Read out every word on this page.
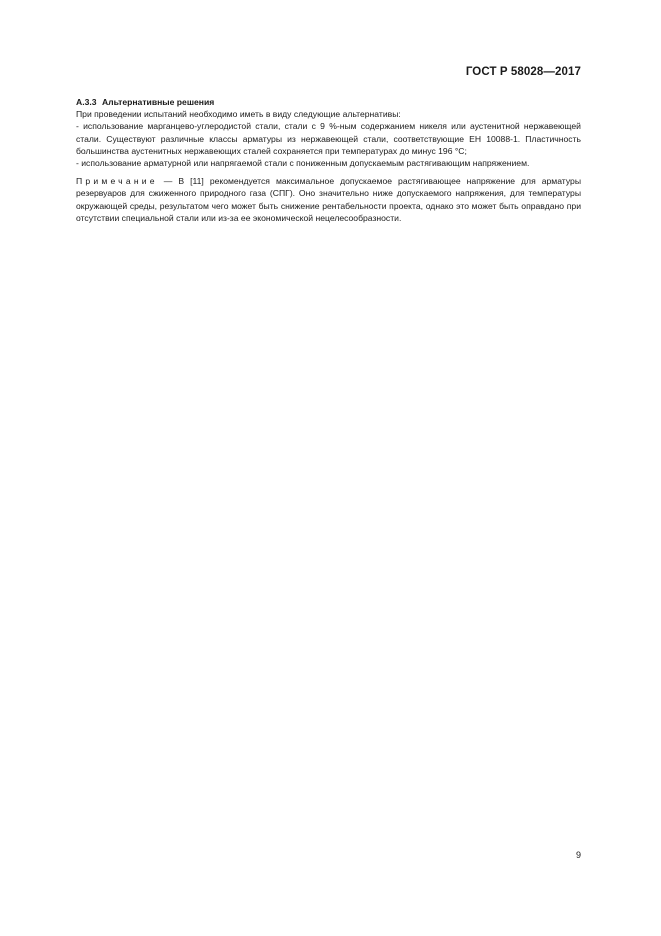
ГОСТ Р 58028—2017

А.3.3 Альтернативные решения

При проведении испытаний необходимо иметь в виду следующие альтернативы:

- использование марганцево-углеродистой стали, стали с 9 %-ным содержанием никеля или аустенитной нержавеющей стали. Существуют различные классы арматуры из нержавеющей стали, соответствующие ЕН 10088-1. Пластичность большинства аустенитных нержавеющих сталей сохраняется при температурах до минус 196 °С;

- использование арматурной или напрягаемой стали с пониженным допускаемым растягивающим напряжением.

Примечание — В [11] рекомендуется максимальное допускаемое растягивающее напряжение для арматуры резервуаров для сжиженного природного газа (СПГ). Оно значительно ниже допускаемого напряжения, для температуры окружающей среды, результатом чего может быть снижение рентабельности проекта, однако это может быть оправдано при отсутствии специальной стали или из-за ее экономической нецелесообразности.

9
